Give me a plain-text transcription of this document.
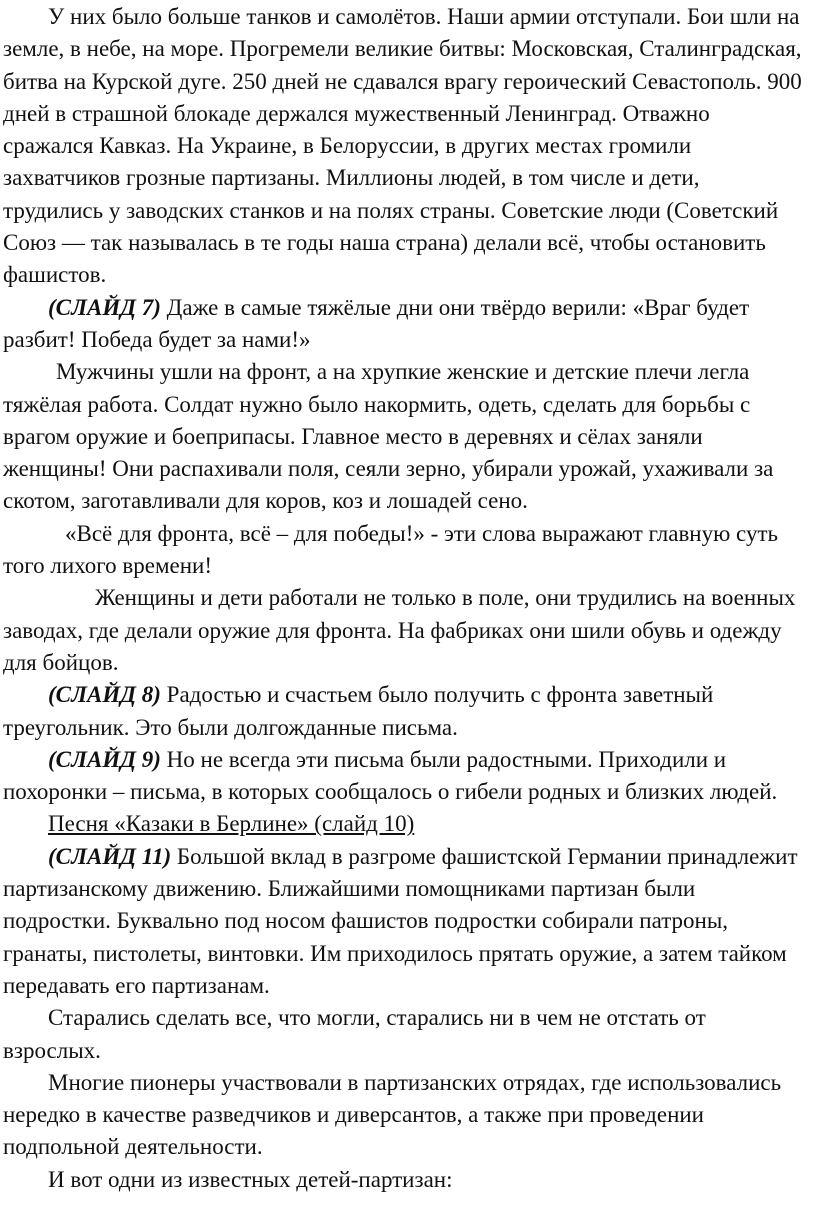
У них было больше танков и самолётов. Наши армии отступали. Бои шли на земле, в небе, на море. Прогремели великие битвы: Московская, Сталинградская, битва на Курской дуге. 250 дней не сдавался врагу героический Севастополь. 900 дней в страшной блокаде держался мужественный Ленинград. Отважно сражался Кавказ. На Украине, в Белоруссии, в других местах громили захватчиков грозные партизаны. Миллионы людей, в том числе и дети, трудились у заводских станков и на полях страны. Советские люди (Советский Союз — так называлась в те годы наша страна) делали всё, чтобы остановить фашистов.

(СЛАЙД 7) Даже в самые тяжёлые дни они твёрдо верили: «Враг будет разбит! Победа будет за нами!»

Мужчины ушли на фронт, а на хрупкие женские и детские плечи легла тяжёлая работа. Солдат нужно было накормить, одеть, сделать для борьбы с врагом оружие и боеприпасы. Главное место в деревнях и сёлах заняли женщины! Они распахивали поля, сеяли зерно, убирали урожай, ухаживали за скотом, заготавливали для коров, коз и лошадей сено.

«Всё для фронта, всё – для победы!» - эти слова выражают главную суть того лихого времени!

Женщины и дети работали не только в поле, они трудились на военных заводах, где делали оружие для фронта. На фабриках они шили обувь и одежду для бойцов.

(СЛАЙД 8) Радостью и счастьем было получить с фронта заветный треугольник. Это были долгожданные письма.

(СЛАЙД 9) Но не всегда эти письма были радостными. Приходили и похоронки – письма, в которых сообщалось о гибели родных и близких людей.

Песня «Казаки в Берлине» (слайд 10)

(СЛАЙД 11) Большой вклад в разгроме фашистской Германии принадлежит партизанскому движению. Ближайшими помощниками партизан были подростки. Буквально под носом фашистов подростки собирали патроны, гранаты, пистолеты, винтовки. Им приходилось прятать оружие, а затем тайком передавать его партизанам.

Старались сделать все, что могли, старались ни в чем не отстать от взрослых.

Многие пионеры участвовали в партизанских отрядах, где использовались нередко в качестве разведчиков и диверсантов, а также при проведении подпольной деятельности.

И вот одни из известных детей-партизан:
